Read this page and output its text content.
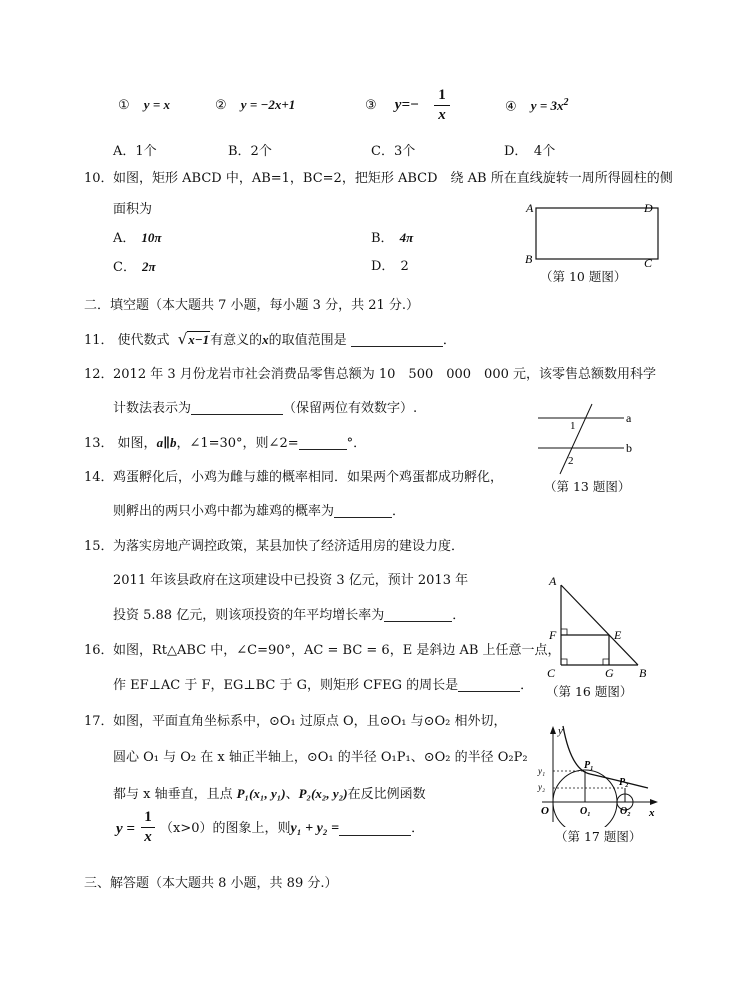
① y = x	② y = −2x+1	③ y=−
1
x	④ $y = 3x^2$
A．1个	B．2个	C．3个	D．　4个
10． 如图，矩形 ABCD 中，AB=1，BC=2，把矩形 ABCD　绕 AB 所在直线旋转一周所得圆柱的侧
面积为
A． 10π	B． 4π
C． 2π	D． 2
A	D
B	C
（第 10 题图）
二．填空题（本大题共 7 小题，每小题 3 分，共 21 分.）
11． 使代数式 √x−1有意义的x的取值范围是	．
12． 2012 年 3 月份龙岩市社会消费品零售总额为 10　500　000　000 元，该零售总额数用科学
计数法表示为	（保留两位有效数字）.
13． 如图，a∥b，∠1=30°，则∠2=	°．
a
b
1
2
（第 13 题图）
14． 鸡蛋孵化后，小鸡为雌与雄的概率相同．如果两个鸡蛋都成功孵化，
则孵出的两只小鸡中都为雄鸡的概率为	．
15． 为落实房地产调控政策，某县加快了经济适用房的建设力度．
2011 年该县政府在这项建设中已投资 3 亿元，预计 2013 年
投资 5.88 亿元，则该项投资的年平均增长率为	．
A
F	E
C	G B
（第 16 题图）
16． 如图，Rt△ABC 中，∠C=90°，AC = BC = 6，E 是斜边 AB 上任意一点，
作 EF⊥AC 于 F，EG⊥BC 于 G，则矩形 CFEG 的周长是	．
17． 如图，平面直角坐标系中，⊙O₁ 过原点 O，且⊙O₁ 与⊙O₂ 相外切，
圆心 O₁ 与 O₂ 在 x 轴正半轴上，⊙O₁ 的半径 O₁P₁、⊙O₂ 的半径 O₂P₂
都与 x 轴垂直，且点 P₁(x₁, y₁)、P₂(x₂, y₂)在反比例函数
y =
1
x （x>0）的图象上，则y₁ + y₂ =	．
y
P₁
P₂
y₁
y₂
O	O₁	O₂ x
（第 17 题图）
三、解答题（本大题共 8 小题，共 89 分.）
